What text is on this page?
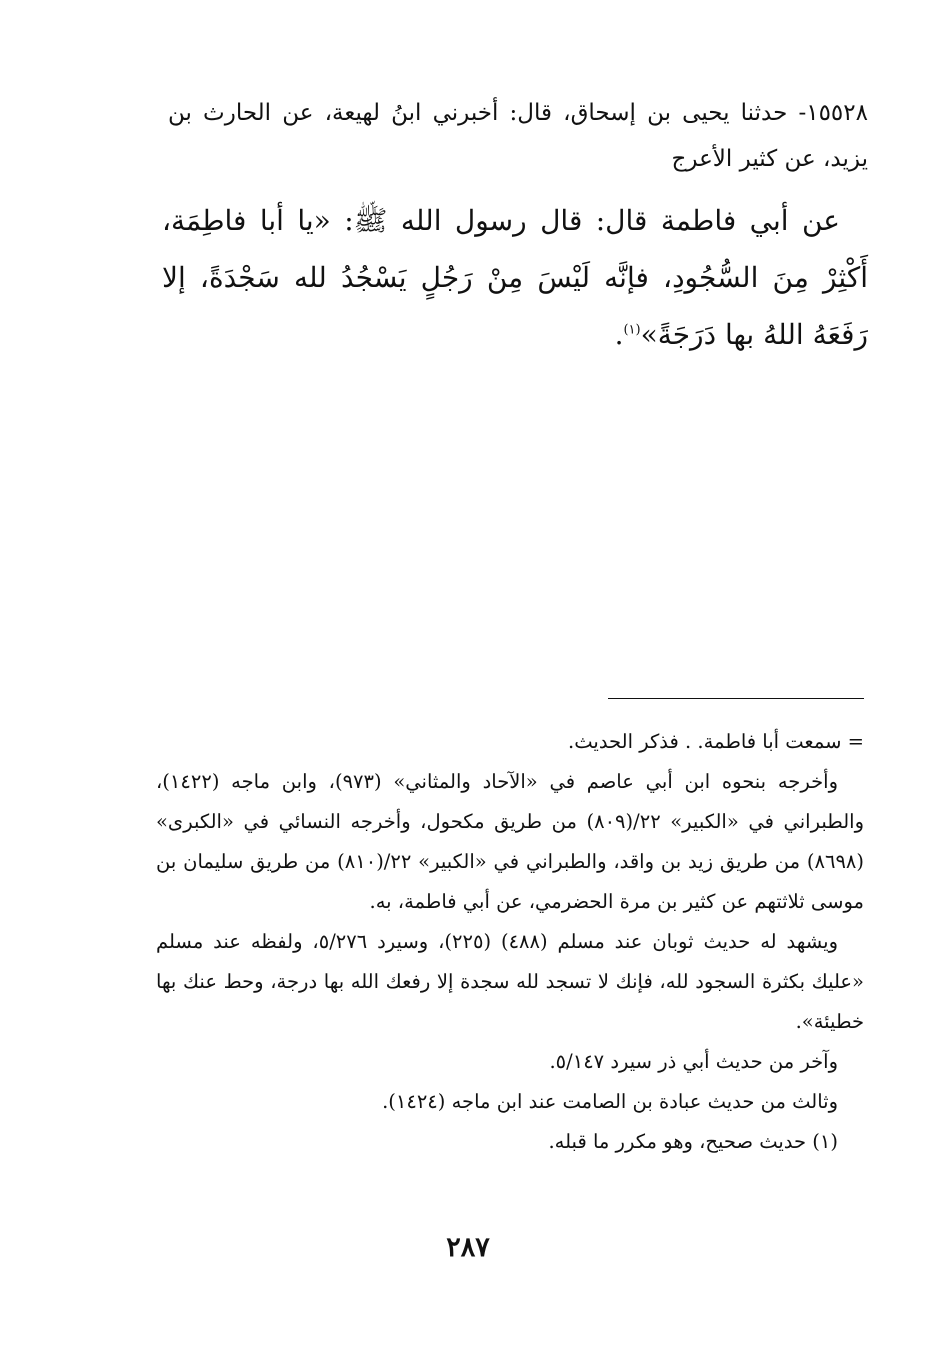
١٥٥٢٨- حدثنا يحيى بن إسحاق، قال: أخبرني ابنُ لهيعة، عن الحارث بن يزيد، عن كثير الأعرج
عن أبي فاطمة قال: قال رسول الله ﷺ: «يا أبا فاطِمَة، أَكْثِرْ مِنَ السُّجُودِ، فإنَّه لَيْسَ مِنْ رَجُلٍ يَسْجُدُ لله سَجْدَةً، إلا رَفَعَهُ اللهُ بها دَرَجَةً»$^{(١)}$.

= سمعت أبا فاطمة. . فذكر الحديث.

وأخرجه بنحوه ابن أبي عاصم في «الآحاد والمثاني» (٩٧٣)، وابن ماجه (١٤٢٢)، والطبراني في «الكبير» ٢٢/(٨٠٩) من طريق مكحول، وأخرجه النسائي في «الكبرى» (٨٦٩٨) من طريق زيد بن واقد، والطبراني في «الكبير» ٢٢/(٨١٠) من طريق سليمان بن موسى ثلاثتهم عن كثير بن مرة الحضرمي، عن أبي فاطمة، به.

ويشهد له حديث ثوبان عند مسلم (٤٨٨) (٢٢٥)، وسيرد ٥/٢٧٦، ولفظه عند مسلم «عليك بكثرة السجود لله، فإنك لا تسجد لله سجدة إلا رفعك الله بها درجة، وحط عنك بها خطيئة».

وآخر من حديث أبي ذر سيرد ٥/١٤٧.

وثالث من حديث عبادة بن الصامت عند ابن ماجه (١٤٢٤).

(١) حديث صحيح، وهو مكرر ما قبله.

٢٨٧
